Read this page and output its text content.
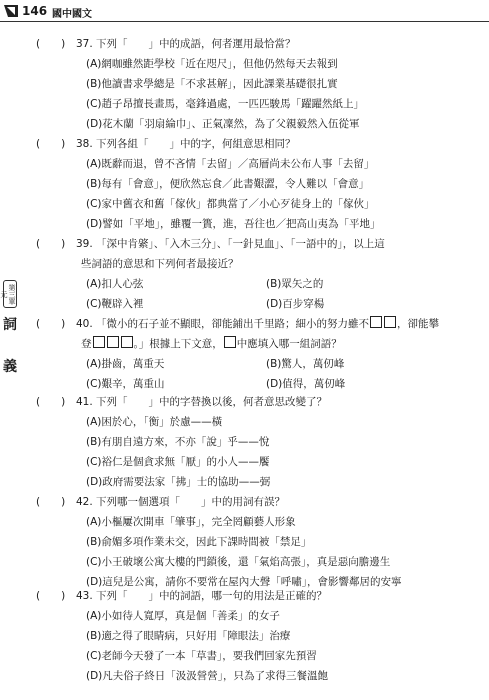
146 國中國文
第三單元
詞
義
(　　) 37. 下列「　　」中的成語，何者運用最恰當？
(A)網咖雖然距學校「近在咫尺」，但他仍然每天去報到
(B)他讀書求學總是「不求甚解」，因此課業基礎很扎實
(C)趙子昂擅長畫馬，毫鋒過處，一匹匹駿馬「躍躍然紙上」
(D)花木蘭「羽扇綸巾」、正氣凜然，為了父親毅然入伍從軍
(　　) 38. 下列各組「　　」中的字，何組意思相同？
(A)既辭而退，曾不吝情「去留」／高層尚未公布人事「去留」
(B)每有「會意」，便欣然忘食／此書艱澀，令人難以「會意」
(C)家中舊衣和舊「傢伙」都典當了／小心歹徒身上的「傢伙」
(D)譬如「平地」，雖覆一簣，進，吾往也／把高山夷為「平地」
(　　) 39. 「深中肯綮」、「入木三分」、「一針見血」、「一語中的」，以上這
些詞語的意思和下列何者最接近？
(A)扣人心弦	(B)眾矢之的
(C)鞭辟入裡	(D)百步穿楊
(　　) 40. 「微小的石子並不顯眼，卻能鋪出千里路；細小的努力雖不	，卻能攀
登	。」根據上下文意， 中應填入哪一組詞語？
(A)掛齒，萬重天	(B)驚人，萬仞峰
(C)艱辛，萬重山	(D)值得，萬仞峰
(　　) 41. 下列「　　」中的字替換以後，何者意思改變了？
(A)困於心，「衡」於慮——橫
(B)有朋自遠方來，不亦「說」乎——悅
(C)裕仁是個貪求無「厭」的小人——饜
(D)政府需要法家「拂」士的協助——弼
(　　) 42. 下列哪一個選項「　　」中的用詞有誤？
(A)小樞屢次開車「肇事」，完全罔顧藝人形象
(B)俞媚多項作業未交，因此下課時間被「禁足」
(C)小王破壞公寓大樓的門鎖後，還「氣焰高張」，真是惡向膽邊生
(D)這兒是公寓，請你不要常在屋內大聲「呼嘯」，會影響鄰居的安寧
(　　) 43. 下列「　　」中的詞語，哪一句的用法是正確的？
(A)小如待人寬厚，真是個「善柔」的女子
(B)適之得了眼睛病，只好用「障眼法」治療
(C)老師今天發了一本「草書」，要我們回家先預習
(D)凡夫俗子終日「汲汲營營」，只為了求得三餐溫飽
